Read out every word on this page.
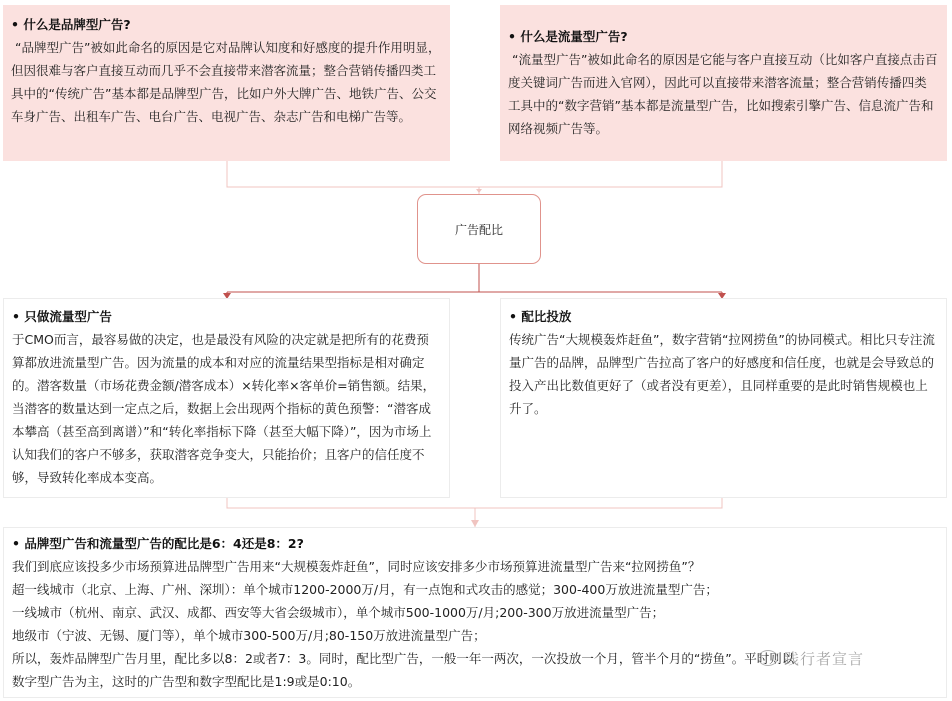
• 什么是品牌型广告?
“品牌型广告”被如此命名的原因是它对品牌认知度和好感度的提升作用明显，但因很难与客户直接互动而几乎不会直接带来潜客流量；整合营销传播四类工具中的“传统广告”基本都是品牌型广告，比如户外大牌广告、地铁广告、公交车身广告、出租车广告、电台广告、电视广告、杂志广告和电梯广告等。
• 什么是流量型广告?
“流量型广告”被如此命名的原因是它能与客户直接互动（比如客户直接点击百度关键词广告而进入官网），因此可以直接带来潜客流量；整合营销传播四类工具中的“数字营销”基本都是流量型广告，比如搜索引擎广告、信息流广告和网络视频广告等。
广告配比
• 只做流量型广告
于CMO而言，最容易做的决定，也是最没有风险的决定就是把所有的花费预算都放进流量型广告。因为流量的成本和对应的流量结果型指标是相对确定的。潜客数量（市场花费金额/潜客成本）×转化率×客单价=销售额。结果，当潜客的数量达到一定点之后，数据上会出现两个指标的黄色预警：“潜客成本攀高（甚至高到离谱）”和“转化率指标下降（甚至大幅下降）”，因为市场上认知我们的客户不够多，获取潜客竞争变大，只能抬价；且客户的信任度不够，导致转化率成本变高。
• 配比投放
传统广告“大规模轰炸赶鱼”，数字营销“拉网捞鱼”的协同模式。相比只专注流量广告的品牌，品牌型广告拉高了客户的好感度和信任度，也就是会导致总的投入产出比数值更好了（或者没有更差），且同样重要的是此时销售规模也上升了。
• 品牌型广告和流量型广告的配比是6：4还是8：2?
我们到底应该投多少市场预算进品牌型广告用来“大规模轰炸赶鱼”，同时应该安排多少市场预算进流量型广告来“拉网捞鱼”？
超一线城市（北京、上海、广州、深圳）：单个城市1200-2000万/月，有一点饱和式攻击的感觉；300-400万放进流量型广告；
一线城市（杭州、南京、武汉、成都、西安等大省会级城市），单个城市500-1000万/月;200-300万放进流量型广告；
地级市（宁波、无锡、厦门等），单个城市300-500万/月;80-150万放进流量型广告；
所以，轰炸品牌型广告月里，配比多以8：2或者7：3。同时，配比型广告，一般一年一两次，一次投放一个月，管半个月的“捞鱼”。平时则以
数字型广告为主，这时的广告型和数字型配比是1:9或是0:10。
践行者宣言
